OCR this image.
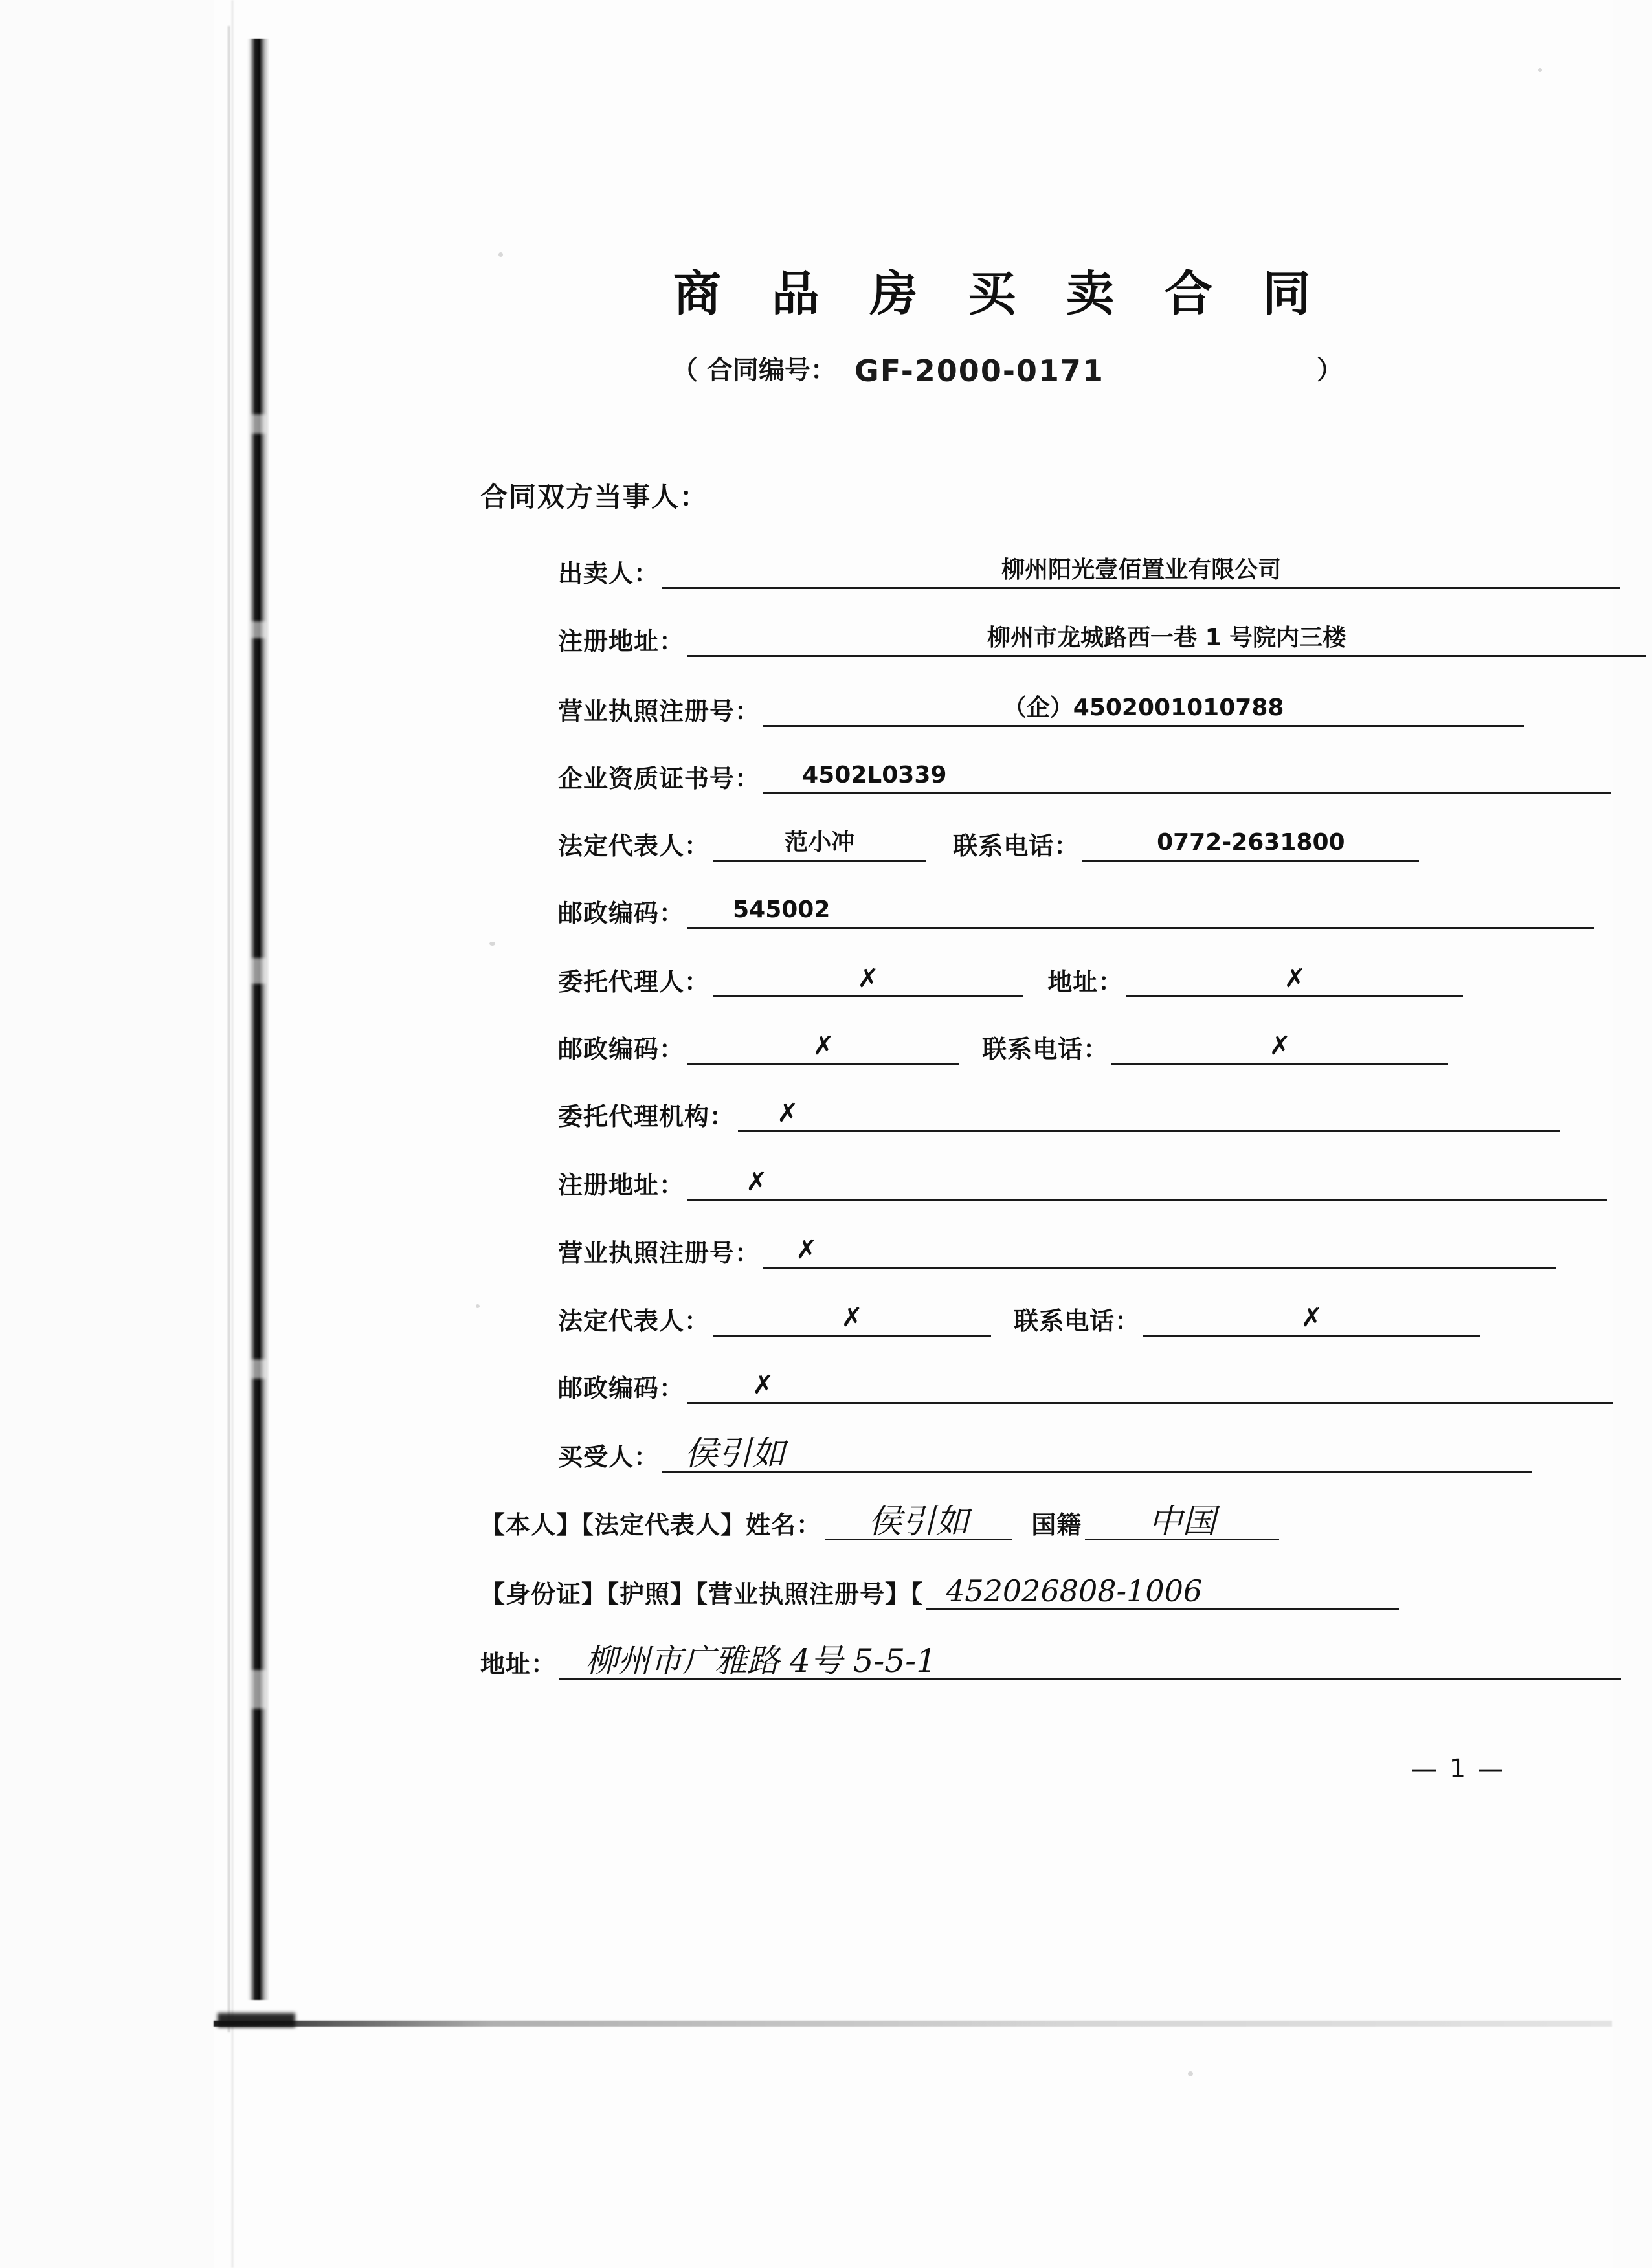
商 品 房 买 卖 合 同
（ 合同编号： GF-2000-0171	）
合同双方当事人：
出卖人：	柳州阳光壹佰置业有限公司
注册地址：	柳州市龙城路西一巷 1 号院内三楼
营业执照注册号：	（企）4502001010788
企业资质证书号： 4502L0339
法定代表人：	范小冲	联系电话：	0772-2631800
邮政编码： 545002
委托代理人：	✗	地址：	✗
邮政编码：	✗	联系电话：	✗
委托代理机构： ✗
注册地址： ✗
营业执照注册号： ✗
法定代表人：	✗	联系电话：	✗
邮政编码：	✗
买受人： 侯引如
【本人】【法定代表人】姓名： 侯引如	国籍 中国
【身份证】【护照】【营业执照注册号】【 452026808-1006
地址： 柳州市广雅路 4号 5-5-1
— 1 —
